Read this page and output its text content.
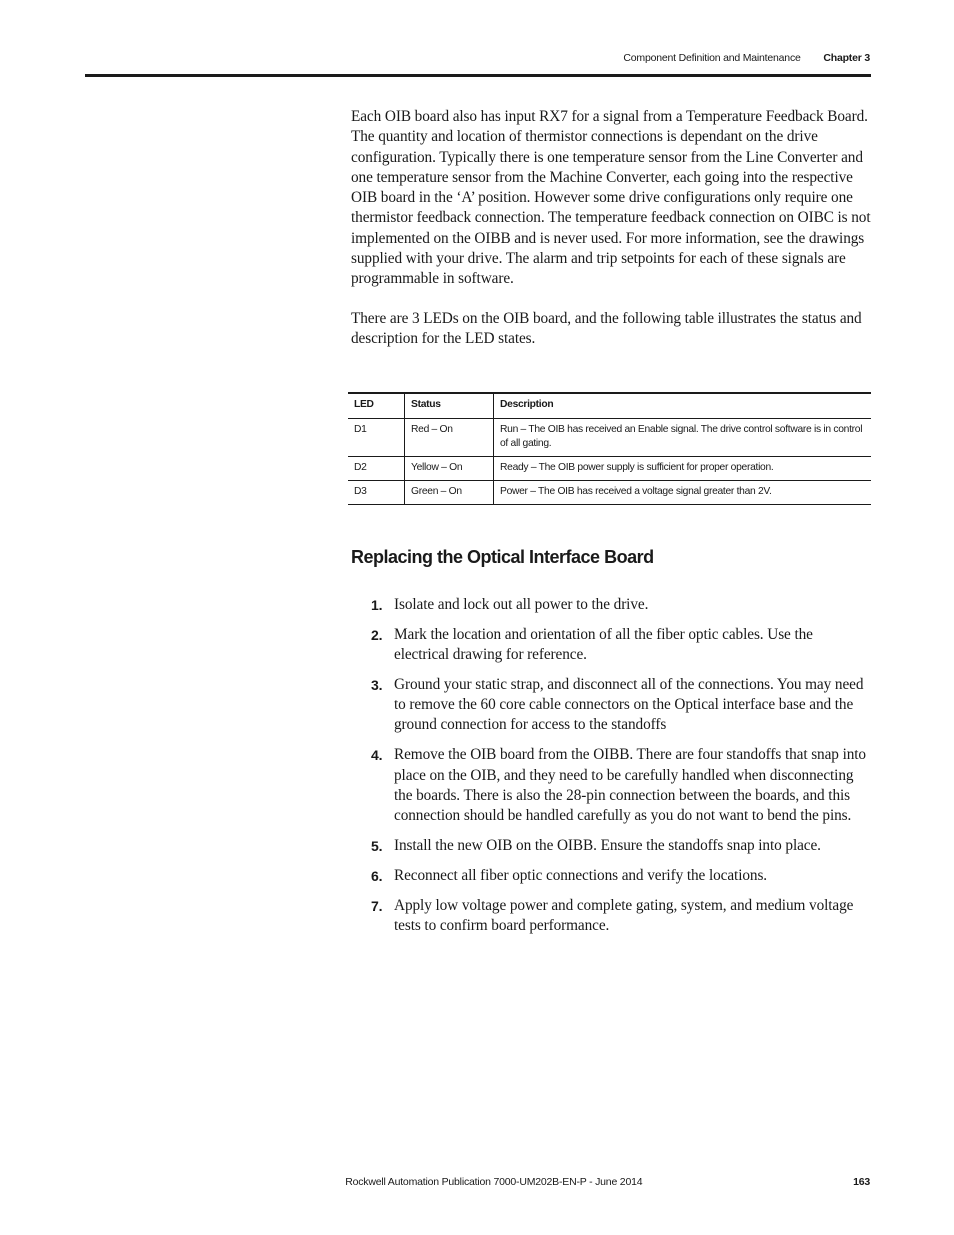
Component Definition and Maintenance Chapter 3

Each OIB board also has input RX7 for a signal from a Temperature Feedback Board. The quantity and location of thermistor connections is dependant on the drive configuration. Typically there is one temperature sensor from the Line Converter and one temperature sensor from the Machine Converter, each going into the respective OIB board in the ‘A’ position. However some drive configurations only require one thermistor feedback connection. The temperature feedback connection on OIBC is not implemented on the OIBB and is never used. For more information, see the drawings supplied with your drive. The alarm and trip setpoints for each of these signals are programmable in software.

There are 3 LEDs on the OIB board, and the following table illustrates the status and description for the LED states.

LED	Status	Description
D1	Red – On	Run – The OIB has received an Enable signal. The drive control software is in control of all gating.
D2	Yellow – On	Ready – The OIB power supply is sufficient for proper operation.
D3	Green – On	Power – The OIB has received a voltage signal greater than 2V.
Replacing the Optical Interface Board
1. Isolate and lock out all power to the drive.
2. Mark the location and orientation of all the fiber optic cables. Use the electrical drawing for reference.
3. Ground your static strap, and disconnect all of the connections. You may need to remove the 60 core cable connectors on the Optical interface base and the ground connection for access to the standoffs
4. Remove the OIB board from the OIBB. There are four standoffs that snap into place on the OIB, and they need to be carefully handled when disconnecting the boards. There is also the 28-pin connection between the boards, and this connection should be handled carefully as you do not want to bend the pins.
5. Install the new OIB on the OIBB. Ensure the standoffs snap into place.
6. Reconnect all fiber optic connections and verify the locations.
7. Apply low voltage power and complete gating, system, and medium voltage tests to confirm board performance.
Rockwell Automation Publication 7000-UM202B-EN-P - June 2014	163
